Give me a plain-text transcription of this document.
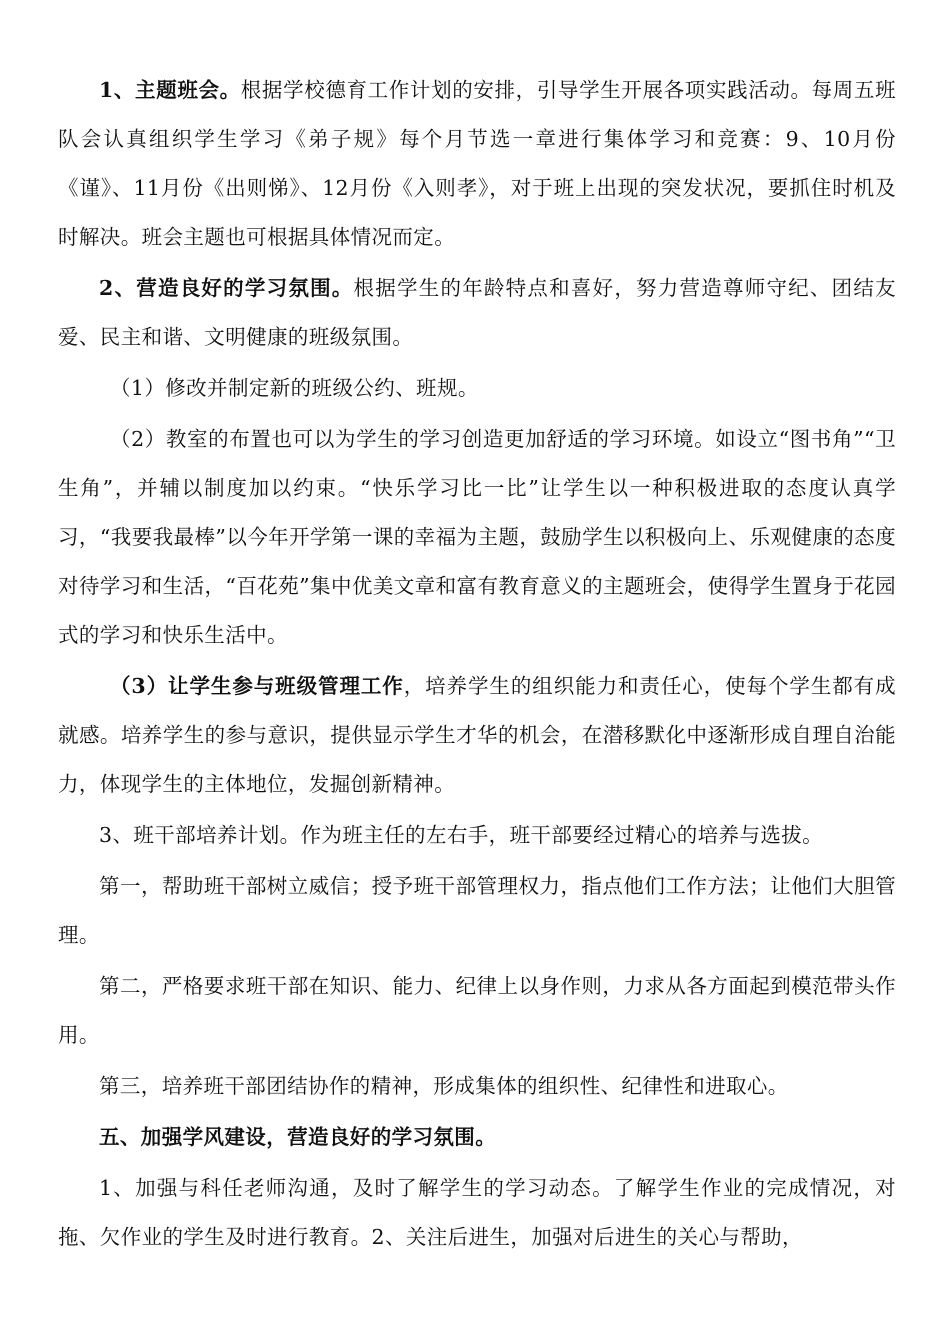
1、主题班会。根据学校德育工作计划的安排，引导学生开展各项实践活动。每周五班队会认真组织学生学习《弟子规》每个月节选一章进行集体学习和竞赛：9、10月份《谨》、11月份《出则悌》、12月份《入则孝》，对于班上出现的突发状况，要抓住时机及时解决。班会主题也可根据具体情况而定。

2、营造良好的学习氛围。根据学生的年龄特点和喜好，努力营造尊师守纪、团结友爱、民主和谐、文明健康的班级氛围。

（1）修改并制定新的班级公约、班规。

（2）教室的布置也可以为学生的学习创造更加舒适的学习环境。如设立“图书角”“卫生角”，并辅以制度加以约束。“快乐学习比一比”让学生以一种积极进取的态度认真学习，“我要我最棒”以今年开学第一课的幸福为主题，鼓励学生以积极向上、乐观健康的态度对待学习和生活，“百花苑”集中优美文章和富有教育意义的主题班会，使得学生置身于花园式的学习和快乐生活中。

（3）让学生参与班级管理工作，培养学生的组织能力和责任心，使每个学生都有成就感。培养学生的参与意识，提供显示学生才华的机会，在潜移默化中逐渐形成自理自治能力，体现学生的主体地位，发掘创新精神。

3、班干部培养计划。作为班主任的左右手，班干部要经过精心的培养与选拔。

第一，帮助班干部树立威信；授予班干部管理权力，指点他们工作方法；让他们大胆管理。

第二，严格要求班干部在知识、能力、纪律上以身作则，力求从各方面起到模范带头作用。

第三，培养班干部团结协作的精神，形成集体的组织性、纪律性和进取心。

五、加强学风建设，营造良好的学习氛围。

1、加强与科任老师沟通，及时了解学生的学习动态。了解学生作业的完成情况，对拖、欠作业的学生及时进行教育。2、关注后进生，加强对后进生的关心与帮助，
